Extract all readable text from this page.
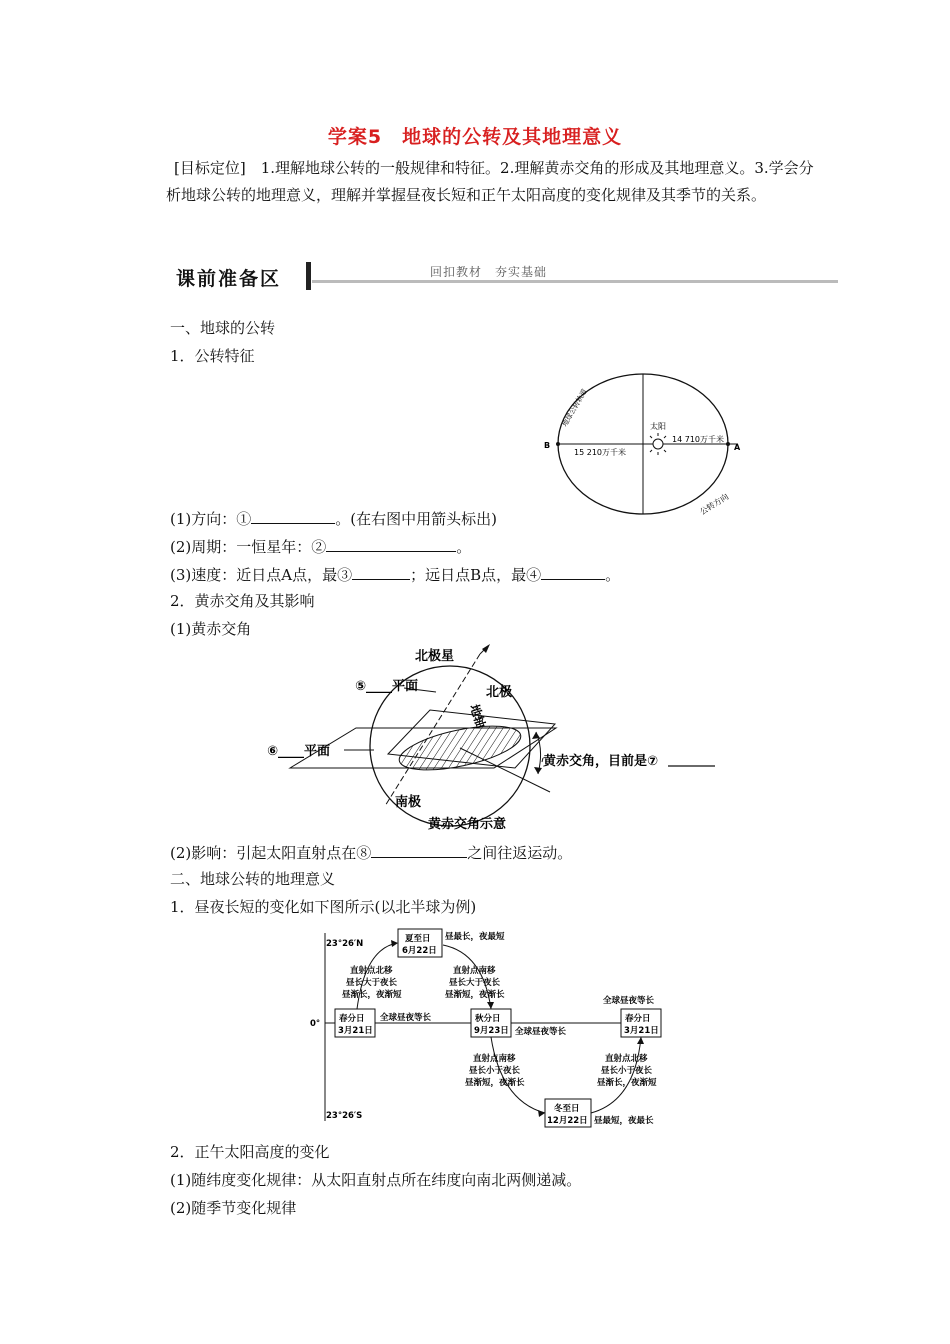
学案5　地球的公转及其地理意义
[目标定位]　 1.理解地球公转的一般规律和特征。2.理解黄赤交角的形成及其地理意义。3.学会分析地球公转的地理意义，理解并掌握昼夜长短和正午太阳高度的变化规律及其季节的关系。
课前准备区	回扣教材　夯实基础
一、地球的公转
1．公转特征
B	A
太阳
14 710万千米
15 210万千米
地球公转轨道
公转方向
(1)方向：①	。(在右图中用箭头标出)
(2)周期：一恒星年：②	。
(3)速度：近日点A点，最③	；远日点B点，最④	。
2．黄赤交角及其影响
(1)黄赤交角
北极星
北极
地轴
⑤____平面
⑥____平面
南极
黄赤交角，目前是⑦
黄赤交角示意
(2)影响：引起太阳直射点在⑧	之间往返运动。
二、地球公转的地理意义
1．昼夜长短的变化如下图所示(以北半球为例)
23°26′N
0°
23°26′S
夏至日
6月22日
昼最长，夜最短
春分日
3月21日
全球昼夜等长	秋分日
9月23日 全球昼夜等长
春分日
3月21日
全球昼夜等长
冬至日
12月22日 昼最短，夜最长
直射点北移
昼长大于夜长
昼渐长，夜渐短
直射点南移
昼长大于夜长
昼渐短，夜渐长
直射点南移
昼长小于夜长
昼渐短，夜渐长
直射点北移
昼长小于夜长
昼渐长，夜渐短
2．正午太阳高度的变化
(1)随纬度变化规律：从太阳直射点所在纬度向南北两侧递减。
(2)随季节变化规律
